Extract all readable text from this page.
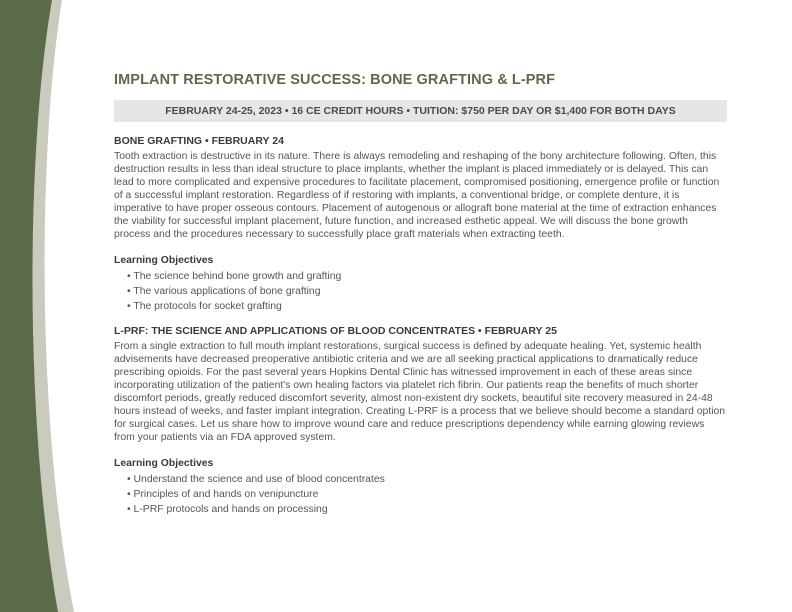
IMPLANT RESTORATIVE SUCCESS: BONE GRAFTING & L-PRF
FEBRUARY 24-25, 2023 • 16 CE CREDIT HOURS • TUITION: $750 PER DAY OR $1,400 FOR BOTH DAYS
BONE GRAFTING • FEBRUARY 24
Tooth extraction is destructive in its nature. There is always remodeling and reshaping of the bony architecture following. Often, this destruction results in less than ideal structure to place implants, whether the implant is placed immediately or is delayed. This can lead to more complicated and expensive procedures to facilitate placement, compromised positioning, emergence profile or function of a successful implant restoration. Regardless of if restoring with implants, a conventional bridge, or complete denture, it is imperative to have proper osseous contours. Placement of autogenous or allograft bone material at the time of extraction enhances the viability for successful implant placement, future function, and increased esthetic appeal. We will discuss the bone growth process and the procedures necessary to successfully place graft materials when extracting teeth.
Learning Objectives
• The science behind bone growth and grafting
• The various applications of bone grafting
• The protocols for socket grafting
L-PRF: THE SCIENCE AND APPLICATIONS OF BLOOD CONCENTRATES • FEBRUARY 25
From a single extraction to full mouth implant restorations, surgical success is defined by adequate healing. Yet, systemic health advisements have decreased preoperative antibiotic criteria and we are all seeking practical applications to dramatically reduce prescribing opioids. For the past several years Hopkins Dental Clinic has witnessed improvement in each of these areas since incorporating utilization of the patient's own healing factors via platelet rich fibrin. Our patients reap the benefits of much shorter discomfort periods, greatly reduced discomfort severity, almost non-existent dry sockets, beautiful site recovery measured in 24-48 hours instead of weeks, and faster implant integration. Creating L-PRF is a process that we believe should become a standard option for surgical cases. Let us share how to improve wound care and reduce prescriptions dependency while earning glowing reviews from your patients via an FDA approved system.
Learning Objectives
• Understand the science and use of blood concentrates
• Principles of and hands on venipuncture
• L-PRF protocols and hands on processing
